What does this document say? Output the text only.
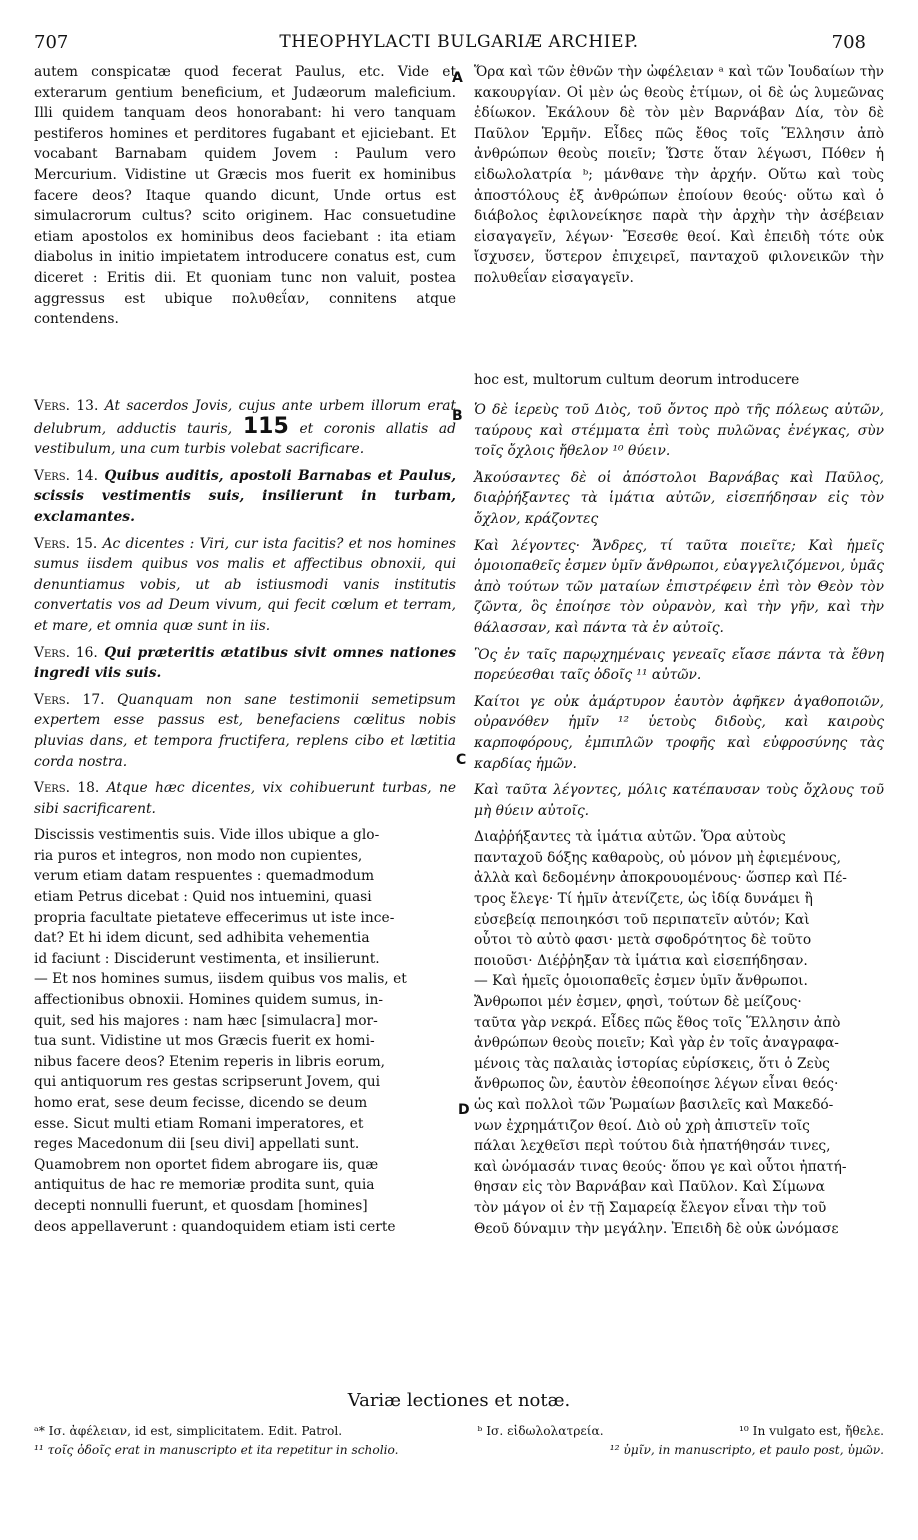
707	THEOPHYLACTI BULGARIÆ ARCHIEP.	708
A
B
C
D

autem conspicatæ quod fecerat Paulus, etc. Vide et exterarum gentium beneficium, et Judæorum maleficium. Illi quidem tanquam deos honorabant: hi vero tanquam pestiferos homines et perditores fugabant et ejiciebant. Et vocabant Barnabam quidem Jovem : Paulum vero Mercurium. Vidistine ut Græcis mos fuerit ex hominibus facere deos? Itaque quando dicunt, Unde ortus est simulacrorum cultus? scito originem. Hac consuetudine etiam apostolos ex hominibus deos faciebant : ita etiam diabolus in initio impietatem introducere conatus est, cum diceret : Eritis dii. Et quoniam tunc non valuit, postea aggressus est ubique πολυθεΐαν, connitens atque contendens.

Vers. 13. At sacerdos Jovis, cujus ante urbem illorum erat delubrum, adductis tauris, 115 et coronis allatis ad vestibulum, una cum turbis volebat sacrificare.

Vers. 14. Quibus auditis, apostoli Barnabas et Paulus, scissis vestimentis suis, insilierunt in turbam, exclamantes.

Vers. 15. Ac dicentes : Viri, cur ista facitis? et nos homines sumus iisdem quibus vos malis et affectibus obnoxii, qui denuntiamus vobis, ut ab istiusmodi vanis institutis convertatis vos ad Deum vivum, qui fecit cœlum et terram, et mare, et omnia quæ sunt in iis.

Vers. 16. Qui præteritis ætatibus sivit omnes nationes ingredi viis suis.

Vers. 17. Quanquam non sane testimonii semetipsum expertem esse passus est, benefaciens cœlitus nobis pluvias dans, et tempora fructifera, replens cibo et lætitia corda nostra.

Vers. 18. Atque hæc dicentes, vix cohibuerunt turbas, ne sibi sacrificarent.

Discissis vestimentis suis. Vide illos ubique a glo-
ria puros et integros, non modo non cupientes,
verum etiam datam respuentes : quemadmodum
etiam Petrus dicebat : Quid nos intuemini, quasi
propria facultate pietateve effecerimus ut iste ince-
dat? Et hi idem dicunt, sed adhibita vehementia
id faciunt : Disciderunt vestimenta, et insilierunt.
— Et nos homines sumus, iisdem quibus vos malis, et
affectionibus obnoxii. Homines quidem sumus, in-
quit, sed his majores : nam hæc [simulacra] mor-
tua sunt. Vidistine ut mos Græcis fuerit ex homi-
nibus facere deos? Etenim reperis in libris eorum,
qui antiquorum res gestas scripserunt Jovem, qui
homo erat, sese deum fecisse, dicendo se deum
esse. Sicut multi etiam Romani imperatores, et
reges Macedonum dii [seu divi] appellati sunt.
Quamobrem non oportet fidem abrogare iis, quæ
antiquitus de hac re memoriæ prodita sunt, quia
decepti nonnulli fuerunt, et quosdam [homines]
deos appellaverunt : quandoquidem etiam isti certe

Ὅρα καὶ τῶν ἐθνῶν τὴν ὠφέλειαν ᵃ καὶ τῶν Ἰουδαίων τὴν κακουργίαν. Οἱ μὲν ὡς θεοὺς ἐτίμων, οἱ δὲ ὡς λυμεῶνας ἐδίωκον. Ἐκάλουν δὲ τὸν μὲν Βαρνάβαν Δία, τὸν δὲ Παῦλον Ἑρμῆν. Εἶδες πῶς ἔθος τοῖς Ἕλλησιν ἀπὸ ἀνθρώπων θεοὺς ποιεῖν; Ὥστε ὅταν λέγωσι, Πόθεν ἡ εἰδωλολατρία ᵇ; μάνθανε τὴν ἀρχήν. Οὕτω καὶ τοὺς ἀποστόλους ἐξ ἀνθρώπων ἐποίουν θεούς· οὕτω καὶ ὁ διάβολος ἐφιλονείκησε παρὰ τὴν ἀρχὴν τὴν ἀσέβειαν εἰσαγαγεῖν, λέγων· Ἔσεσθε θεοί. Καὶ ἐπειδὴ τότε οὐκ ἴσχυσεν, ὕστερον ἐπιχειρεῖ, πανταχοῦ φιλονεικῶν τὴν πολυθεΐαν εἰσαγαγεῖν.

hoc est, multorum cultum deorum introducere

Ὁ δὲ ἱερεὺς τοῦ Διὸς, τοῦ ὄντος πρὸ τῆς πόλεως αὐτῶν, ταύρους καὶ στέμματα ἐπὶ τοὺς πυλῶνας ἐνέγκας, σὺν τοῖς ὄχλοις ἤθελον ¹⁰ θύειν.

Ἀκούσαντες δὲ οἱ ἀπόστολοι Βαρνάβας καὶ Παῦλος, διαῤῥήξαντες τὰ ἱμάτια αὐτῶν, εἰσεπήδησαν εἰς τὸν ὄχλον, κράζοντες

Καὶ λέγοντες· Ἄνδρες, τί ταῦτα ποιεῖτε; Καὶ ἡμεῖς ὁμοιοπαθεῖς ἐσμεν ὑμῖν ἄνθρωποι, εὐαγγελιζόμενοι, ὑμᾶς ἀπὸ τούτων τῶν ματαίων ἐπιστρέφειν ἐπὶ τὸν Θεὸν τὸν ζῶντα, ὃς ἐποίησε τὸν οὐρανὸν, καὶ τὴν γῆν, καὶ τὴν θάλασσαν, καὶ πάντα τὰ ἐν αὐτοῖς.

Ὃς ἐν ταῖς παρῳχημέναις γενεαῖς εἴασε πάντα τὰ ἔθνη πορεύεσθαι ταῖς ὁδοῖς ¹¹ αὐτῶν.

Καίτοι γε οὐκ ἀμάρτυρον ἑαυτὸν ἀφῆκεν ἀγαθοποιῶν, οὐρανόθεν ἡμῖν ¹² ὑετοὺς διδοὺς, καὶ καιροὺς καρποφόρους, ἐμπιπλῶν τροφῆς καὶ εὐφροσύνης τὰς καρδίας ἡμῶν.

Καὶ ταῦτα λέγοντες, μόλις κατέπαυσαν τοὺς ὄχλους τοῦ μὴ θύειν αὐτοῖς.

Διαῤῥήξαντες τὰ ἱμάτια αὐτῶν. Ὅρα αὐτοὺς
πανταχοῦ δόξης καθαροὺς, οὐ μόνον μὴ ἐφιεμένους,
ἀλλὰ καὶ δεδομένην ἀποκρουομένους· ὥσπερ καὶ Πέ-
τρος ἔλεγε· Τί ἡμῖν ἀτενίζετε, ὡς ἰδίᾳ δυνάμει ἢ
εὐσεβείᾳ πεποιηκόσι τοῦ περιπατεῖν αὐτόν; Καὶ
οὗτοι τὸ αὐτὸ φασι· μετὰ σφοδρότητος δὲ τοῦτο
ποιοῦσι· Διέῤῥηξαν τὰ ἱμάτια καὶ εἰσεπήδησαν.
— Καὶ ἡμεῖς ὁμοιοπαθεῖς ἐσμεν ὑμῖν ἄνθρωποι.
Ἄνθρωποι μέν ἐσμεν, φησὶ, τούτων δὲ μείζους·
ταῦτα γὰρ νεκρά. Εἶδες πῶς ἔθος τοῖς Ἕλλησιν ἀπὸ
ἀνθρώπων θεοὺς ποιεῖν; Καὶ γὰρ ἐν τοῖς ἀναγραφα-
μένοις τὰς παλαιὰς ἱστορίας εὑρίσκεις, ὅτι ὁ Ζεὺς
ἄνθρωπος ὢν, ἑαυτὸν ἐθεοποίησε λέγων εἶναι θεός·
ὡς καὶ πολλοὶ τῶν Ῥωμαίων βασιλεῖς καὶ Μακεδό-
νων ἐχρημάτιζον θεοί. Διὸ οὐ χρὴ ἀπιστεῖν τοῖς
πάλαι λεχθεῖσι περὶ τούτου διὰ ἠπατήθησάν τινες,
καὶ ὠνόμασάν τινας θεούς· ὅπου γε καὶ οὗτοι ἠπατή-
θησαν εἰς τὸν Βαρνάβαν καὶ Παῦλον. Καὶ Σίμωνα
τὸν μάγον οἱ ἐν τῇ Σαμαρείᾳ ἔλεγον εἶναι τὴν τοῦ
Θεοῦ δύναμιν τὴν μεγάλην. Ἐπειδὴ δὲ οὐκ ὠνόμασε
Variæ lectiones et notæ.
ᵃ* Ισ. ἀφέλειαν, id est, simplicitatem. Edit. Patrol.	ᵇ Ισ. εἰδωλολατρεία.	¹⁰ In vulgato est, ἤθελε.
¹¹ τοῖς ὁδοῖς erat in manuscripto et ita repetitur in scholio.	¹² ὑμῖν, in manuscripto, et paulo post, ὑμῶν.
